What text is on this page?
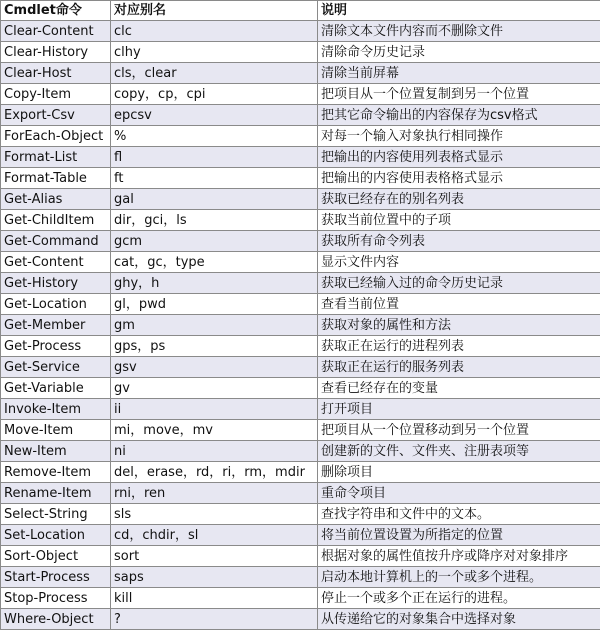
Cmdlet命令	对应别名	说明
Clear-Content	clc	清除文本文件内容而不删除文件
Clear-History	clhy	清除命令历史记录
Clear-Host	cls，clear	清除当前屏幕
Copy-Item	copy，cp，cpi	把项目从一个位置复制到另一个位置
Export-Csv	epcsv	把其它命令输出的内容保存为csv格式
ForEach-Object	%	对每一个输入对象执行相同操作
Format-List	fl	把输出的内容使用列表格式显示
Format-Table	ft	把输出的内容使用表格格式显示
Get-Alias	gal	获取已经存在的别名列表
Get-ChildItem	dir，gci，ls	获取当前位置中的子项
Get-Command	gcm	获取所有命令列表
Get-Content	cat，gc，type	显示文件内容
Get-History	ghy，h	获取已经输入过的命令历史记录
Get-Location	gl，pwd	查看当前位置
Get-Member	gm	获取对象的属性和方法
Get-Process	gps，ps	获取正在运行的进程列表
Get-Service	gsv	获取正在运行的服务列表
Get-Variable	gv	查看已经存在的变量
Invoke-Item	ii	打开项目
Move-Item	mi，move，mv	把项目从一个位置移动到另一个位置
New-Item	ni	创建新的文件、文件夹、注册表项等
Remove-Item	del，erase，rd，ri，rm，mdir	删除项目
Rename-Item	rni，ren	重命令项目
Select-String	sls	查找字符串和文件中的文本。
Set-Location	cd，chdir，sl	将当前位置设置为所指定的位置
Sort-Object	sort	根据对象的属性值按升序或降序对对象排序
Start-Process	saps	启动本地计算机上的一个或多个进程。
Stop-Process	kill	停止一个或多个正在运行的进程。
Where-Object	?	从传递给它的对象集合中选择对象
